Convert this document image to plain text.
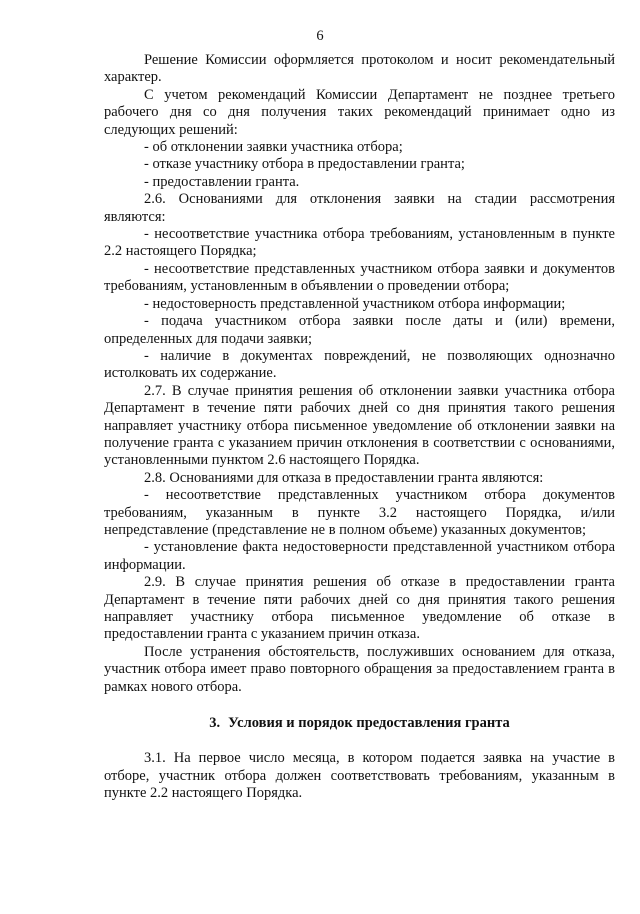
6

Решение Комиссии оформляется протоколом и носит рекомендательный характер.

С учетом рекомендаций Комиссии Департамент не позднее третьего рабочего дня со дня получения таких рекомендаций принимает одно из следующих решений:

- об отклонении заявки участника отбора;

- отказе участнику отбора в предоставлении гранта;

- предоставлении гранта.

2.6. Основаниями для отклонения заявки на стадии рассмотрения являются:

- несоответствие участника отбора требованиям, установленным в пункте 2.2 настоящего Порядка;

- несоответствие представленных участником отбора заявки и документов требованиям, установленным в объявлении о проведении отбора;

- недостоверность представленной участником отбора информации;

- подача участником отбора заявки после даты и (или) времени, определенных для подачи заявки;

- наличие в документах повреждений, не позволяющих однозначно истолковать их содержание.

2.7. В случае принятия решения об отклонении заявки участника отбора Департамент в течение пяти рабочих дней со дня принятия такого решения направляет участнику отбора письменное уведомление об отклонении заявки на получение гранта с указанием причин отклонения в соответствии с основаниями, установленными пунктом 2.6 настоящего Порядка.

2.8. Основаниями для отказа в предоставлении гранта являются:

- несоответствие представленных участником отбора документов требованиям, указанным в пункте 3.2 настоящего Порядка, и/или непредставление (представление не в полном объеме) указанных документов;

- установление факта недостоверности представленной участником отбора информации.

2.9. В случае принятия решения об отказе в предоставлении гранта Департамент в течение пяти рабочих дней со дня принятия такого решения направляет участнику отбора письменное уведомление об отказе в предоставлении гранта с указанием причин отказа.

После устранения обстоятельств, послуживших основанием для отказа, участник отбора имеет право повторного обращения за предоставлением гранта в рамках нового отбора.

3. Условия и порядок предоставления гранта

3.1. На первое число месяца, в котором подается заявка на участие в отборе, участник отбора должен соответствовать требованиям, указанным в пункте 2.2 настоящего Порядка.
